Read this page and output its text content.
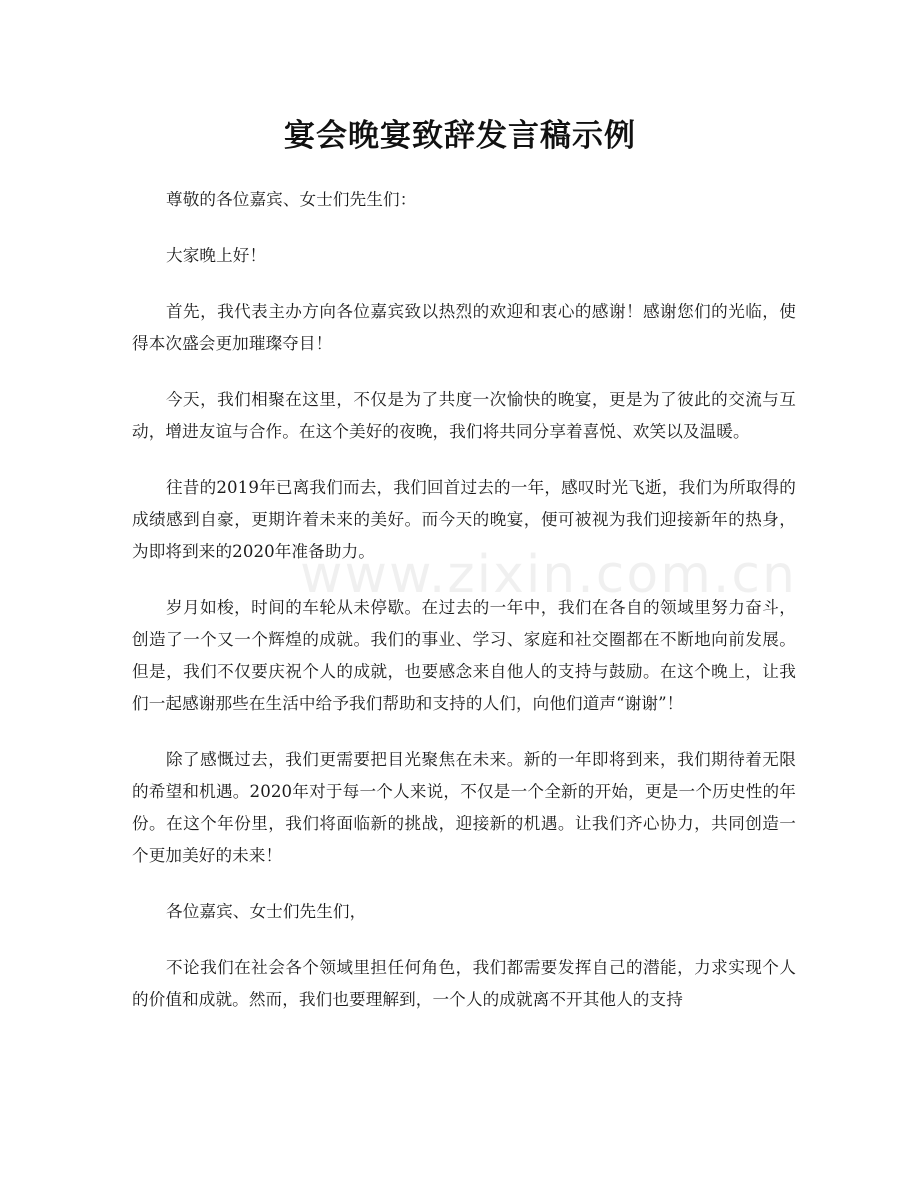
宴会晚宴致辞发言稿示例
www.zixin.com.cn

尊敬的各位嘉宾、女士们先生们：

大家晚上好！

首先，我代表主办方向各位嘉宾致以热烈的欢迎和衷心的感谢！感谢您们的光临，使得本次盛会更加璀璨夺目！

今天，我们相聚在这里，不仅是为了共度一次愉快的晚宴，更是为了彼此的交流与互动，增进友谊与合作。在这个美好的夜晚，我们将共同分享着喜悦、欢笑以及温暖。

往昔的2019年已离我们而去，我们回首过去的一年，感叹时光飞逝，我们为所取得的成绩感到自豪，更期许着未来的美好。而今天的晚宴，便可被视为我们迎接新年的热身，为即将到来的2020年准备助力。

岁月如梭，时间的车轮从未停歇。在过去的一年中，我们在各自的领域里努力奋斗，创造了一个又一个辉煌的成就。我们的事业、学习、家庭和社交圈都在不断地向前发展。但是，我们不仅要庆祝个人的成就，也要感念来自他人的支持与鼓励。在这个晚上，让我们一起感谢那些在生活中给予我们帮助和支持的人们，向他们道声“谢谢”！

除了感慨过去，我们更需要把目光聚焦在未来。新的一年即将到来，我们期待着无限的希望和机遇。2020年对于每一个人来说，不仅是一个全新的开始，更是一个历史性的年份。在这个年份里，我们将面临新的挑战，迎接新的机遇。让我们齐心协力，共同创造一个更加美好的未来！

各位嘉宾、女士们先生们，

不论我们在社会各个领域里担任何角色，我们都需要发挥自己的潜能，力求实现个人的价值和成就。然而，我们也要理解到，一个人的成就离不开其他人的支持
